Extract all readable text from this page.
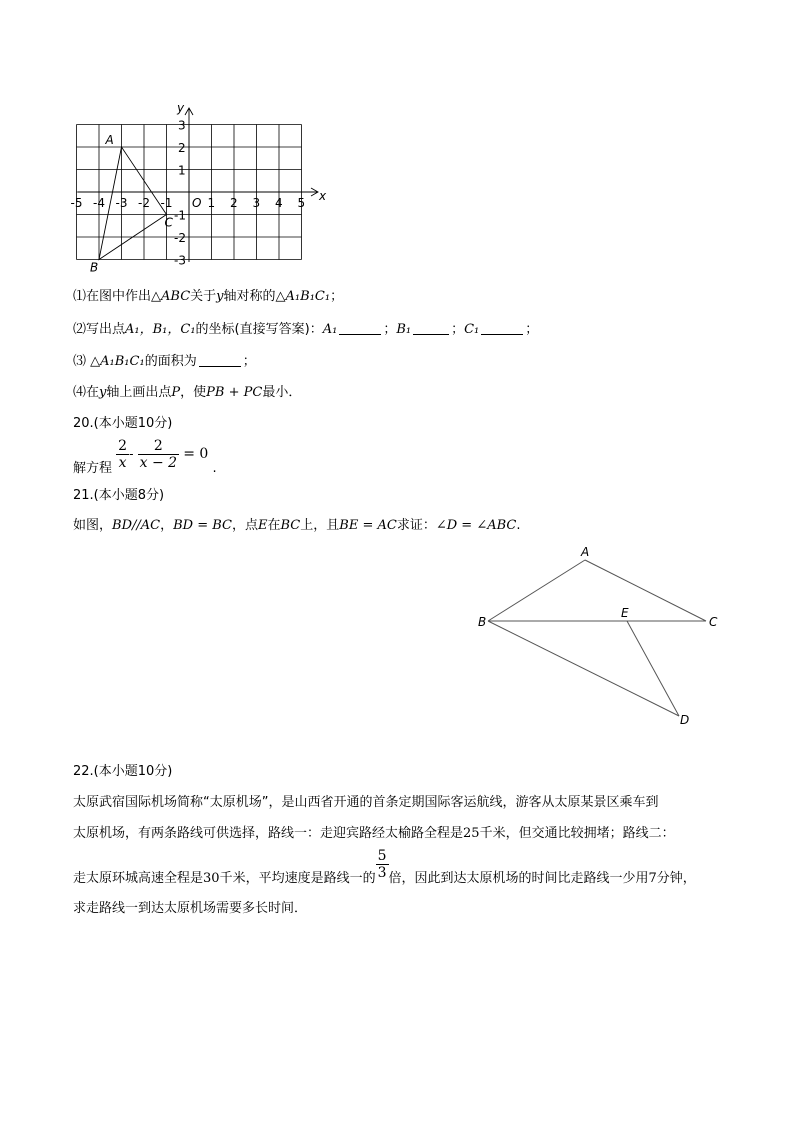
-5 -4 -3 -2 -1 O 1 2 3 4 5
3
2
1
-1
-2
-3
x
y
A
B
C
⑴在图中作出△ABC关于y轴对称的△A₁B₁C₁；
⑵写出点A₁，B₁，C₁的坐标(直接写答案)：A₁	；B₁	；C₁	；
⑶ △A₁B₁C₁的面积为	；
⑷在y轴上画出点P，使PB + PC最小．
20.(本小题10分)
解方程 $\frac{2}{x} - \frac{2}{x - 2} = 0$ .
21.(本小题8分)
如图，BD//AC，BD = BC，点E在BC上，且BE = AC求证：∠D = ∠ABC.
A
B	C
D
E
22.(本小题10分)
太原武宿国际机场简称“太原机场”，是山西省开通的首条定期国际客运航线，游客从太原某景区乘车到
太原机场，有两条路线可供选择，路线一：走迎宾路经太榆路全程是25千米，但交通比较拥堵；路线二：
走太原环城高速全程是30千米，平均速度是路线一的 $\frac{5}{3}$ 倍，因此到达太原机场的时间比走路线一少用7分钟，
求走路线一到达太原机场需要多长时间．
